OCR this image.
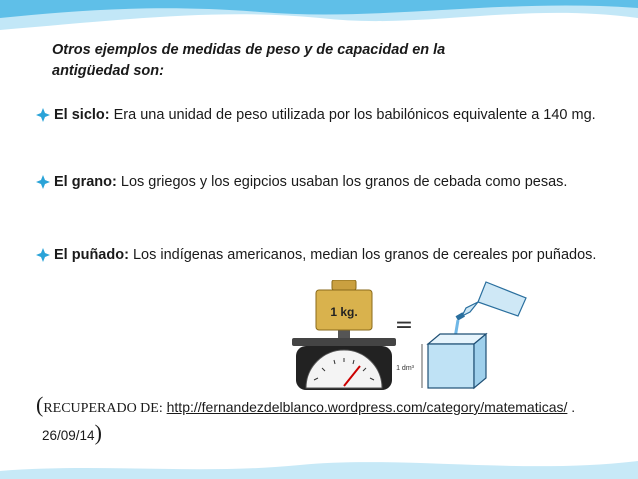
Otros ejemplos de medidas de peso y de capacidad en la
antigüedad son:
El siclo: Era una unidad de peso utilizada por los babilónicos equivalente a 140 mg.
El grano: Los griegos y los egipcios usaban los granos de cebada como pesas.
El puñado: Los indígenas americanos, median los granos de cereales por puñados.
1 kg.
=
1 dm³
(RECUPERADO DE: http://fernandezdelblanco.wordpress.com/category/matematicas/ .
26/09/14)
